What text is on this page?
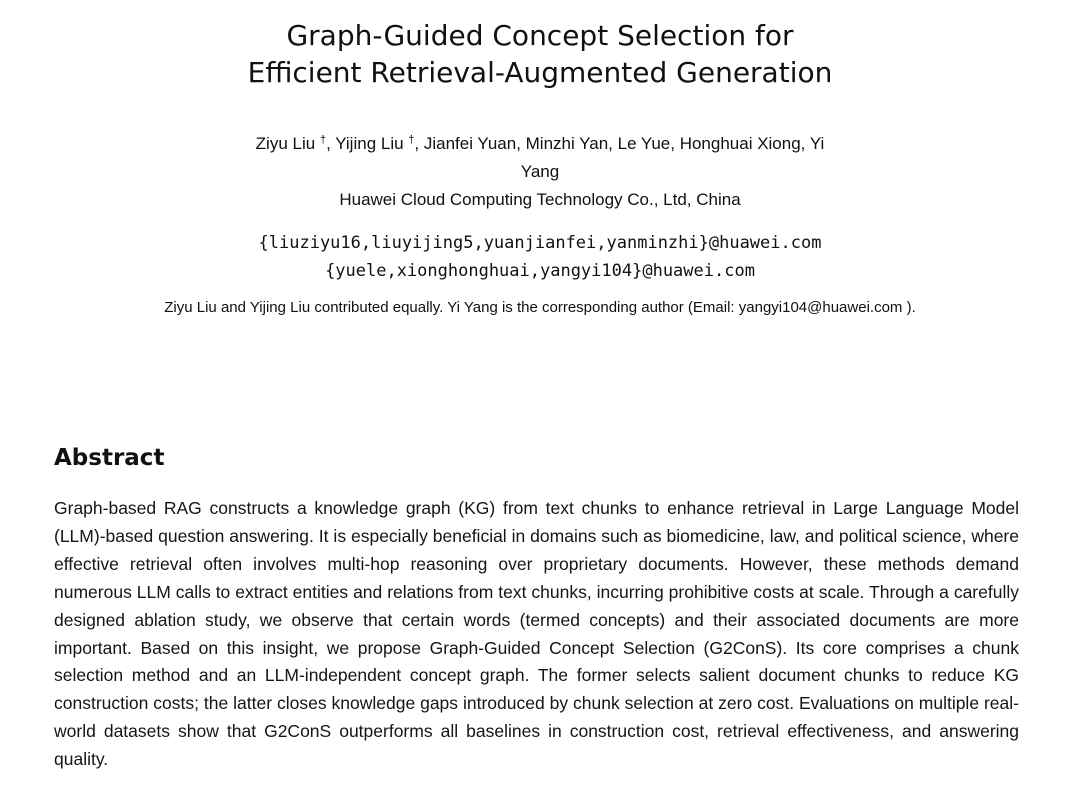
Graph-Guided Concept Selection for
Efficient Retrieval-Augmented Generation
Ziyu Liu †, Yijing Liu †, Jianfei Yuan, Minzhi Yan, Le Yue, Honghuai Xiong, Yi
Yang
Huawei Cloud Computing Technology Co., Ltd, China
{liuziyu16,liuyijing5,yuanjianfei,yanminzhi}@huawei.com
{yuele,xionghonghuai,yangyi104}@huawei.com
Ziyu Liu and Yijing Liu contributed equally. Yi Yang is the corresponding author (Email: yangyi104@huawei.com ).
Abstract

Graph-based RAG constructs a knowledge graph (KG) from text chunks to enhance retrieval in Large Language Model (LLM)-based question answering. It is especially beneficial in domains such as biomedicine, law, and political science, where effective retrieval often involves multi-hop reasoning over proprietary documents. However, these methods demand numerous LLM calls to extract entities and relations from text chunks, incurring prohibitive costs at scale. Through a carefully designed ablation study, we observe that certain words (termed concepts) and their associated documents are more important. Based on this insight, we propose Graph-Guided Concept Selection (G2ConS). Its core comprises a chunk selection method and an LLM-independent concept graph. The former selects salient document chunks to reduce KG construction costs; the latter closes knowledge gaps introduced by chunk selection at zero cost. Evaluations on multiple real-world datasets show that G2ConS outperforms all baselines in construction cost, retrieval effectiveness, and answering quality.
